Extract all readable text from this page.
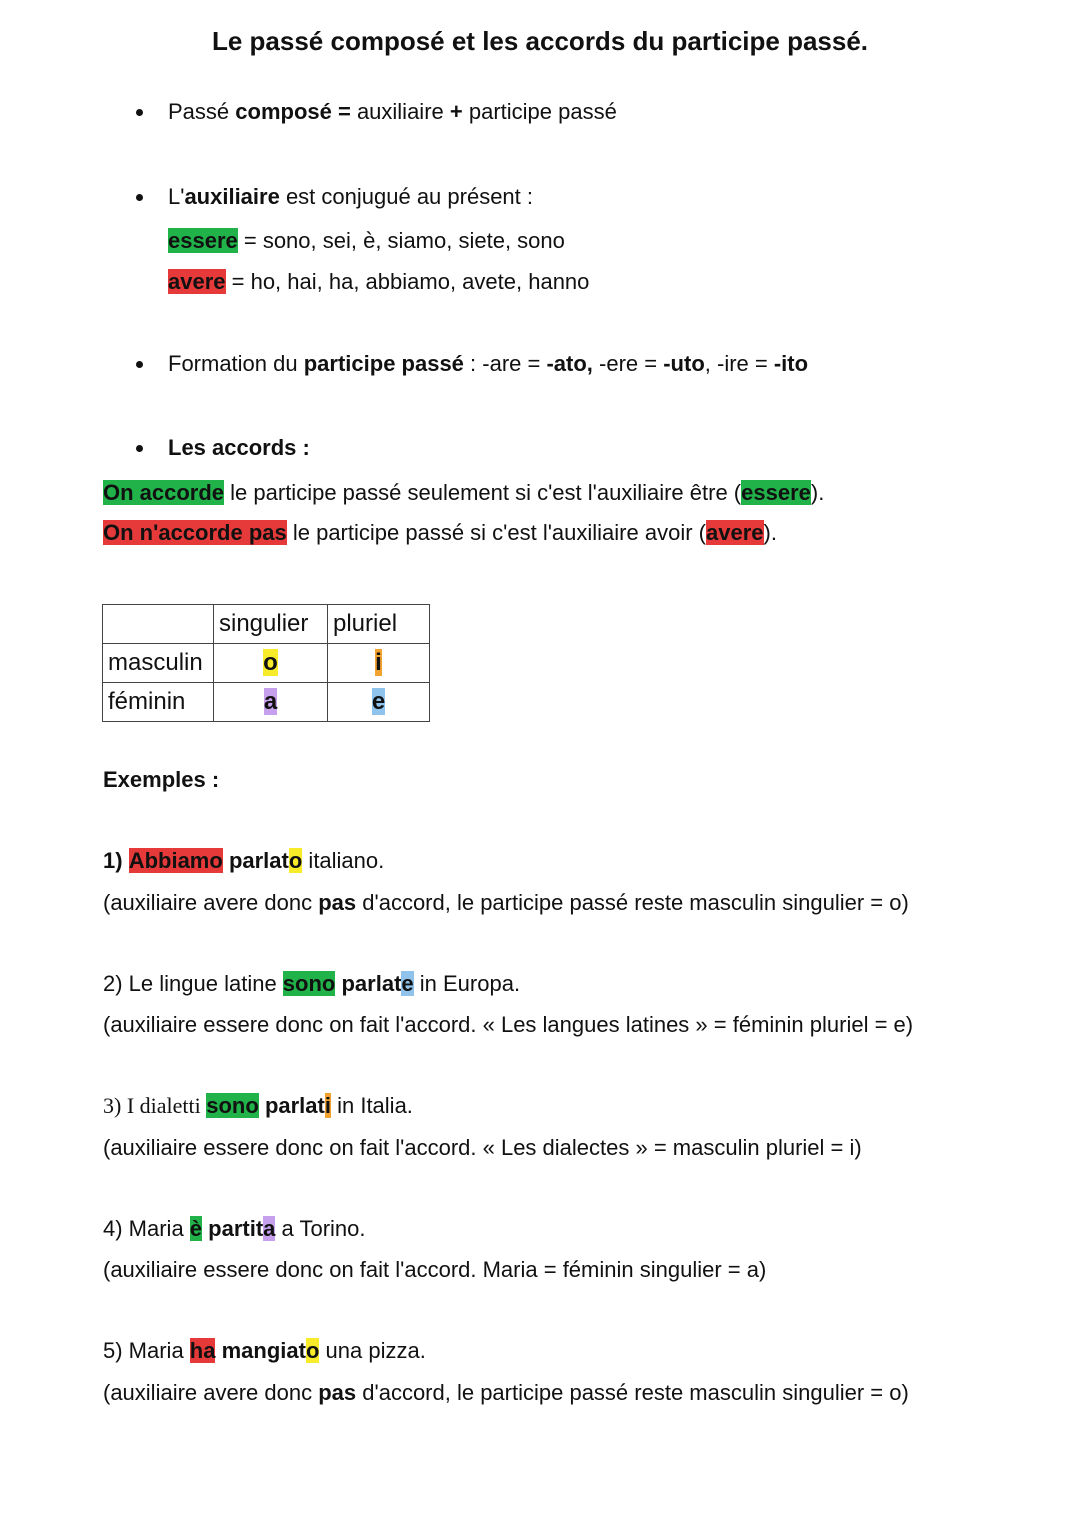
Le passé composé et les accords du participe passé.
Passé composé = auxiliaire + participe passé
L'auxiliaire est conjugué au présent :
essere = sono, sei, è, siamo, siete, sono
avere = ho, hai, ha, abbiamo, avete, hanno
Formation du participe passé : -are = -ato, -ere = -uto, -ire = -ito
Les accords :
On accorde le participe passé seulement si c'est l'auxiliaire être (essere).
On n'accorde pas le participe passé si c'est l'auxiliaire avoir (avere).
	singulier	pluriel
masculin	o	i
féminin	a	e
Exemples :
1) Abbiamo parlato italiano.
(auxiliaire avere donc pas d'accord, le participe passé reste masculin singulier = o)
2) Le lingue latine sono parlate in Europa.
(auxiliaire essere donc on fait l'accord. « Les langues latines » = féminin pluriel = e)
3) I dialetti sono parlati in Italia.
(auxiliaire essere donc on fait l'accord. « Les dialectes » = masculin pluriel = i)
4) Maria è partita a Torino.
(auxiliaire essere donc on fait l'accord. Maria = féminin singulier = a)
5) Maria ha mangiato una pizza.
(auxiliaire avere donc pas d'accord, le participe passé reste masculin singulier = o)
